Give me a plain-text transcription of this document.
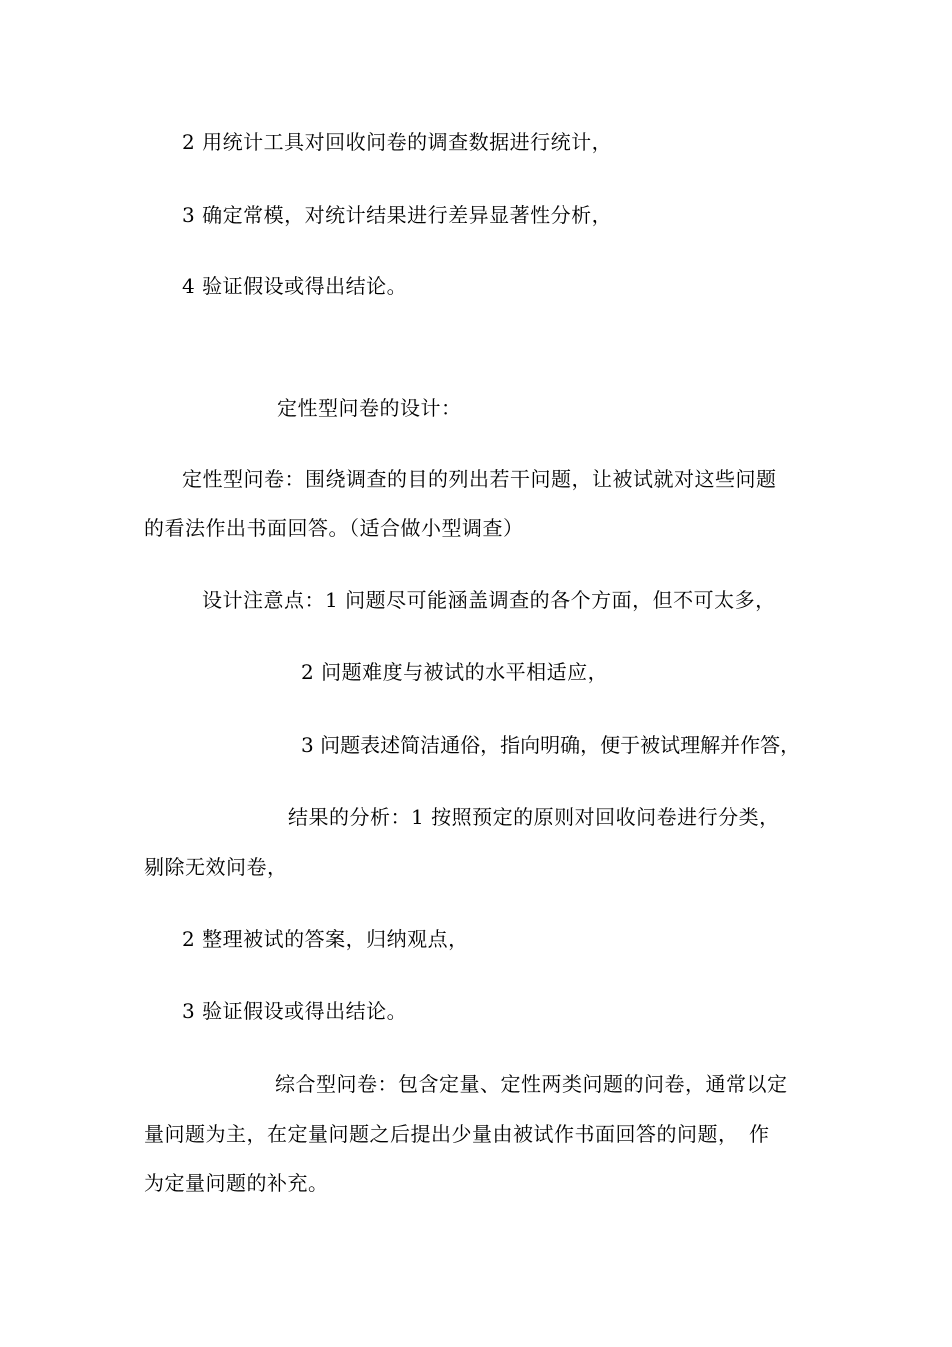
2 用统计工具对回收问卷的调查数据进行统计，
3 确定常模，对统计结果进行差异显著性分析，
4 验证假设或得出结论。
定性型问卷的设计：
定性型问卷：围绕调查的目的列出若干问题，让被试就对这些问题
的看法作出书面回答。（适合做小型调查）
设计注意点：1 问题尽可能涵盖调查的各个方面，但不可太多，
2 问题难度与被试的水平相适应，
3 问题表述简洁通俗，指向明确，便于被试理解并作答，
结果的分析：1 按照预定的原则对回收问卷进行分类，
剔除无效问卷，
2 整理被试的答案，归纳观点，
3 验证假设或得出结论。
综合型问卷：包含定量、定性两类问题的问卷，通常以定
量问题为主，在定量问题之后提出少量由被试作书面回答的问题，　作
为定量问题的补充。
